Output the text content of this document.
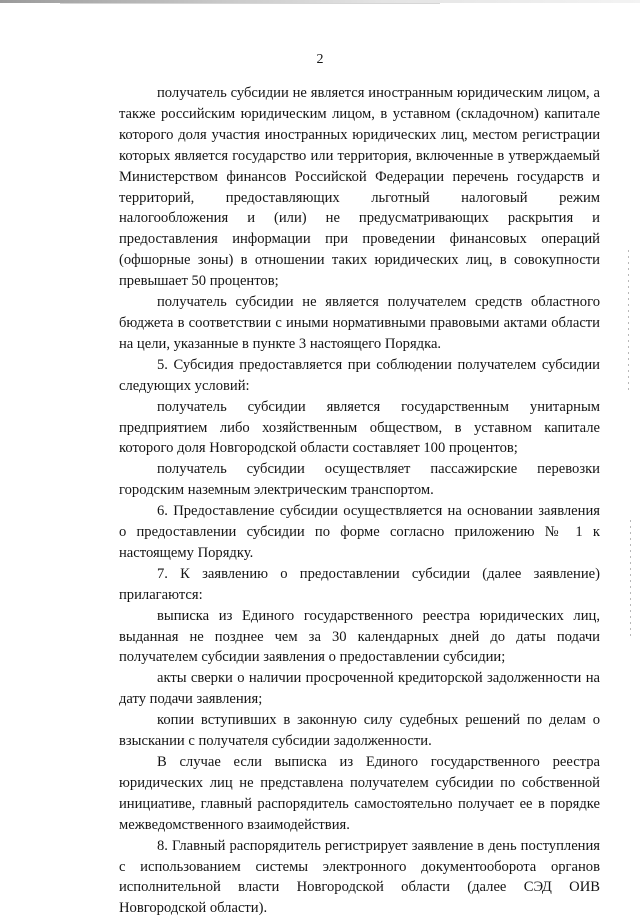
2

получатель субсидии не является иностранным юридическим лицом, а также российским юридическим лицом, в уставном (складочном) капитале которого доля участия иностранных юридических лиц, местом регистрации которых является государство или территория, включенные в утверждаемый Министерством финансов Российской Федерации перечень государств и территорий, предоставляющих льготный налоговый режим налогообложения и (или) не предусматривающих раскрытия и предоставления информации при проведении финансовых операций (офшорные зоны) в отношении таких юридических лиц, в совокупности превышает 50 процентов;

получатель субсидии не является получателем средств областного бюджета в соответствии с иными нормативными правовыми актами области на цели, указанные в пункте 3 настоящего Порядка.

5. Субсидия предоставляется при соблюдении получателем субсидии следующих условий:

получатель субсидии является государственным унитарным предприятием либо хозяйственным обществом, в уставном капитале которого доля Новгородской области составляет 100 процентов;

получатель субсидии осуществляет пассажирские перевозки городским наземным электрическим транспортом.

6. Предоставление субсидии осуществляется на основании заявления о предоставлении субсидии по форме согласно приложению № 1 к настоящему Порядку.

7. К заявлению о предоставлении субсидии (далее заявление) прилагаются:

выписка из Единого государственного реестра юридических лиц, выданная не позднее чем за 30 календарных дней до даты подачи получателем субсидии заявления о предоставлении субсидии;

акты сверки о наличии просроченной кредиторской задолженности на дату подачи заявления;

копии вступивших в законную силу судебных решений по делам о взыскании с получателя субсидии задолженности.

В случае если выписка из Единого государственного реестра юридических лиц не представлена получателем субсидии по собственной инициативе, главный распорядитель самостоятельно получает ее в порядке межведомственного взаимодействия.

8. Главный распорядитель регистрирует заявление в день поступления с использованием системы электронного документооборота органов исполнительной власти Новгородской области (далее СЭД ОИВ Новгородской области).
